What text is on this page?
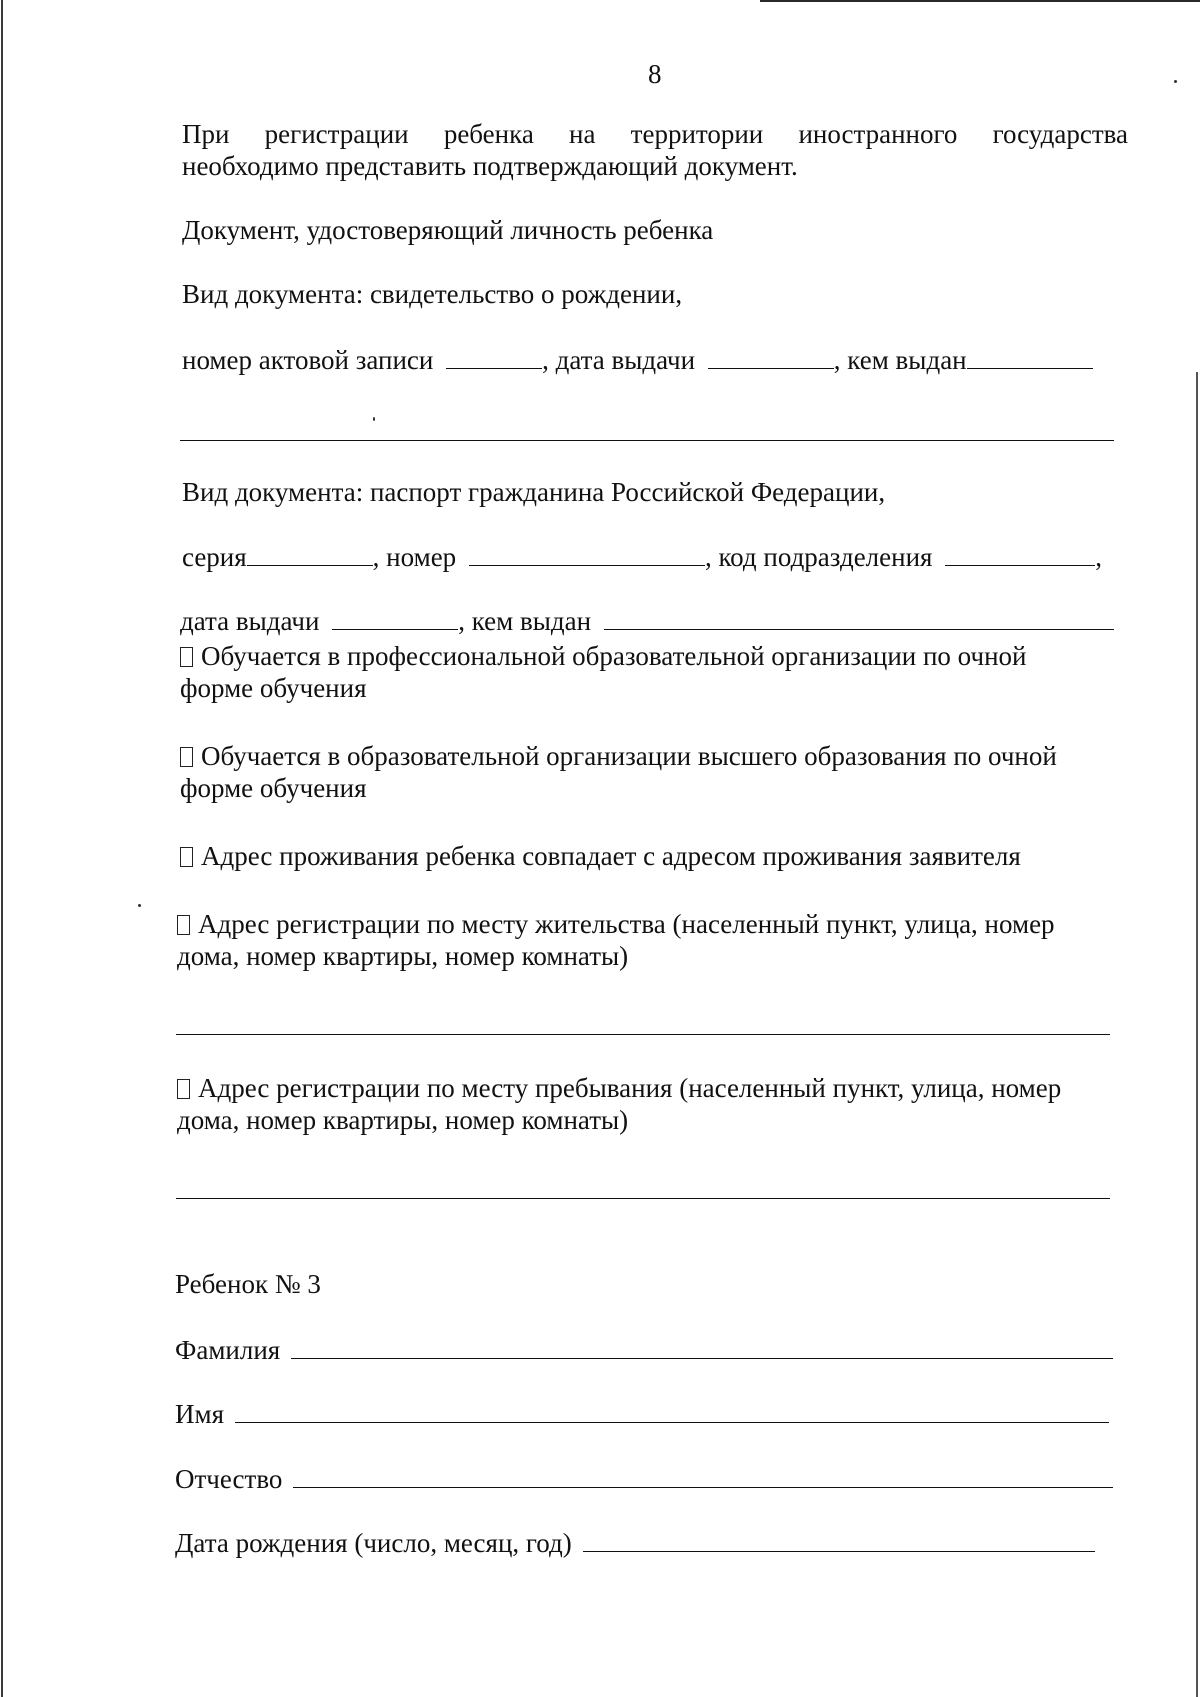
8
При регистрации ребенка на территории иностранного государства
необходимо представить подтверждающий документ.
Документ, удостоверяющий личность ребенка
Вид документа: свидетельство о рождении,
номер актовой записи	, дата выдачи	, кем выдан
Вид документа: паспорт гражданина Российской Федерации,
серия	, номер	, код подразделения	,
дата выдачи	, кем выдан
Обучается в профессиональной образовательной организации по очной
форме обучения
Обучается в образовательной организации высшего образования по очной
форме обучения
Адрес проживания ребенка совпадает с адресом проживания заявителя
Адрес регистрации по месту жительства (населенный пункт, улица, номер
дома, номер квартиры, номер комнаты)
Адрес регистрации по месту пребывания (населенный пункт, улица, номер
дома, номер квартиры, номер комнаты)
Ребенок № 3
Фамилия
Имя
Отчество
Дата рождения (число, месяц, год)
